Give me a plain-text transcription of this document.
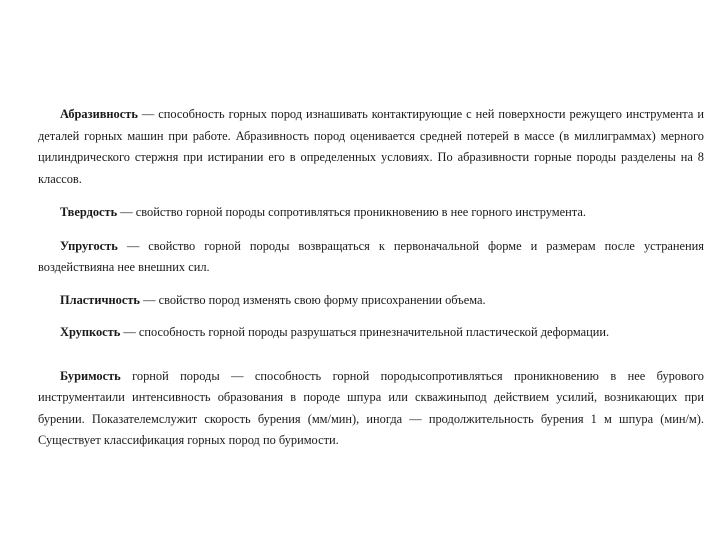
Абразивность — способность горных пород изнашивать контактирующие с ней поверхности режущего инструмента и деталей горных машин при работе. Абразивность пород оценивается средней потерей в массе (в миллиграммах) мерного цилиндрического стержня при истирании его в определенных условиях. По абразивности горные породы разделены на 8 классов.

Твердость — свойство горной породы сопротивляться проникновению в нее горного инструмента.

Упругость — свойство горной породы возвращаться к первоначальной форме и размерам после устранения воздействияна нее внешних сил.

Пластичность — свойство пород изменять свою форму присохранении объема.

Хрупкость — способность горной породы разрушаться принезначительной пластической деформации.

Буримость горной породы — способность горной породысопротивляться проникновению в нее бурового инструментаили интенсивность образования в породе шпура или скважиныпод действием усилий, возникающих при бурении. Показателемслужит скорость бурения (мм/мин), иногда — продолжительность бурения 1 м шпура (мин/м). Существует классификация горных пород по буримости.
